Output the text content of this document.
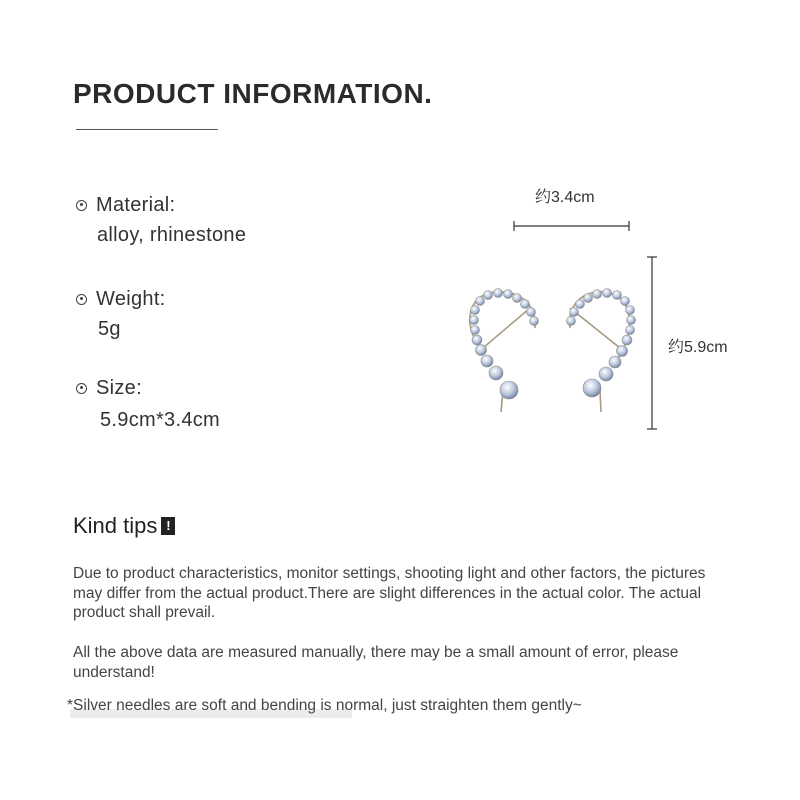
PRODUCT INFORMATION.
Material:
alloy, rhinestone
Weight:
5g
Size:
5.9cm*3.4cm
约3.4cm
约5.9cm
Kind tips !

Due to product characteristics, monitor settings, shooting light and other factors, the pictures may differ from the actual product.There are slight differences in the actual color. The actual product shall prevail.

All the above data are measured manually, there may be a small amount of error, please understand!

*Silver needles are soft and bending is normal, just straighten them gently~
